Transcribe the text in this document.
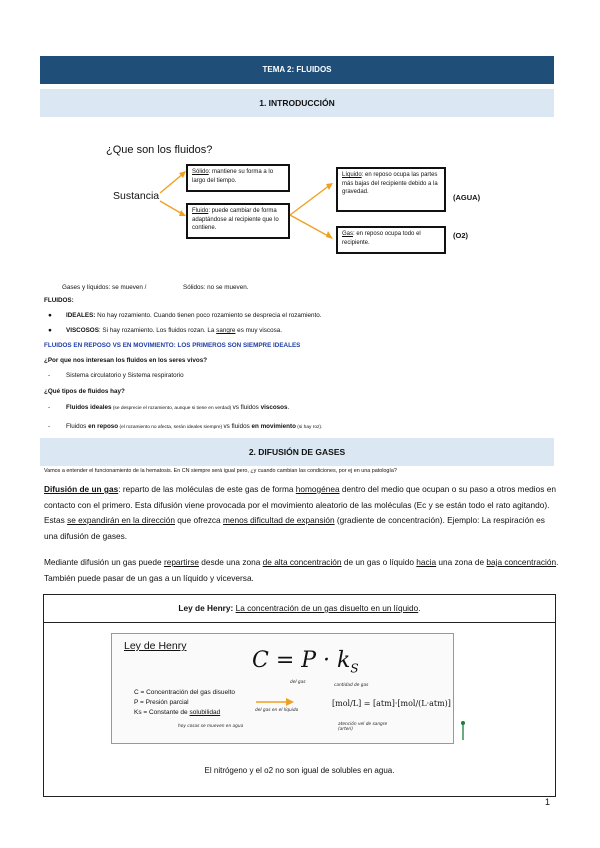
TEMA 2: FLUIDOS
1. INTRODUCCIÓN
¿Que son los fluidos?
Sustancia
Sólido: mantiene su forma a lo largo del tiempo.
Fluido: puede cambiar de forma adaptándose al recipiente que lo contiene.
Líquido: en reposo ocupa las partes más bajas del recipiente debido a la gravedad.
Gas: en reposo ocupa todo el recipiente.
(AGUA)
(O2)
Gases y líquidos: se mueven /	Sólidos: no se mueven.
FLUIDOS:
● IDEALES: No hay rozamiento. Cuando tienen poco rozamiento se desprecia el rozamiento.
● VISCOSOS: Si hay rozamiento. Los fluidos rozan. La sangre es muy viscosa.
FLUIDOS EN REPOSO VS EN MOVIMIENTO: LOS PRIMEROS SON SIEMPRE IDEALES
¿Por que nos interesan los fluidos en los seres vivos?
-	Sistema circulatorio y Sistema respiratorio
¿Qué tipos de fluidos hay?
-	Fluidos ideales (se desprecie el rozamiento, aunque si tiene en verdad) vs fluidos viscosos.
-	Fluidos en reposo (el rozamiento no afecta, serán ideales siempre) vs fluidos en movimiento (si hay roz).
2. DIFUSIÓN DE GASES
Vamos a entender el funcionamiento de la hematosis. En CN siempre será igual pero, ¿y cuando cambian las condiciones, por ej en una patología?
Difusión de un gas: reparto de las moléculas de este gas de forma homogénea dentro del medio que ocupan o su paso a otros medios en contacto con el primero. Esta difusión viene provocada por el movimiento aleatorio de las moléculas (Ec y se están todo el rato agitando). Estas se expandirán en la dirección que ofrezca menos dificultad de expansión (gradiente de concentración). Ejemplo: La respiración es una difusión de gases.
Mediante difusión un gas puede repartirse desde una zona de alta concentración de un gas o líquido hacia una zona de baja concentración. También puede pasar de un gas a un líquido y viceversa.
Ley de Henry: La concentración de un gas disuelto en un líquido.
Ley de Henry
$C = P \cdot k_S$
C = Concentración del gas disuelto
P = Presión parcial
Ks = Constante de solubilidad
[mol/L] = [atm]·[mol/(L·atm)]
del gas en el líquido
hoy cosas se mueven en agua
cantidad de gas
del gas
atención vel de sangre (arteri)
El nitrógeno y el o2 no son igual de solubles en agua.
1
